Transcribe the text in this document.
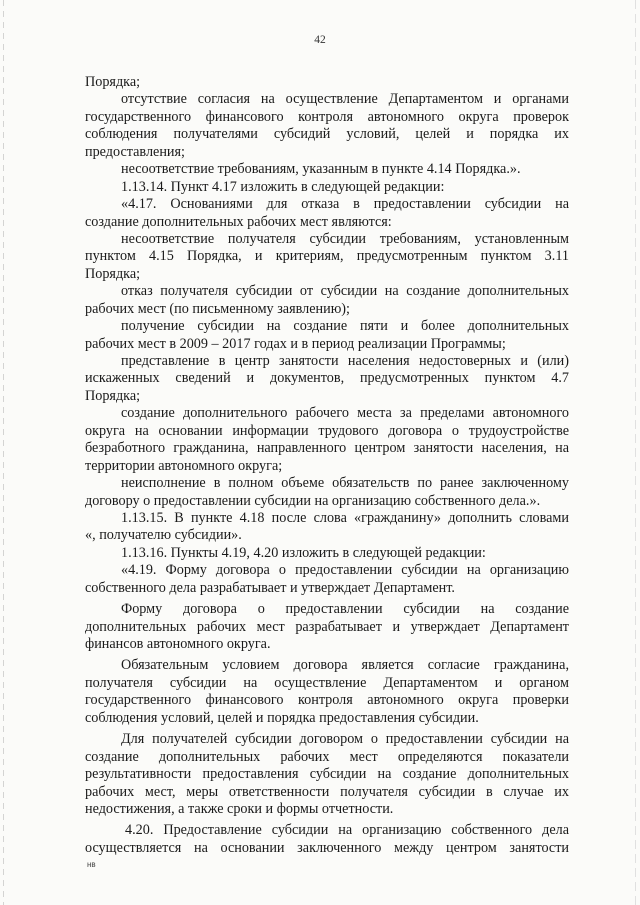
42
Порядка;
отсутствие согласия на осуществление Департаментом и органами
государственного финансового контроля автономного округа проверок
соблюдения получателями субсидий условий, целей и порядка их
предоставления;
несоответствие требованиям, указанным в пункте 4.14 Порядка.».
1.13.14. Пункт 4.17 изложить в следующей редакции:
«4.17. Основаниями для отказа в предоставлении субсидии на
создание дополнительных рабочих мест являются:
несоответствие получателя субсидии требованиям, установленным
пунктом 4.15 Порядка, и критериям, предусмотренным пунктом 3.11
Порядка;
отказ получателя субсидии от субсидии на создание дополнительных
рабочих мест (по письменному заявлению);
получение субсидии на создание пяти и более дополнительных
рабочих мест в 2009 – 2017 годах и в период реализации Программы;
представление в центр занятости населения недостоверных и (или)
искаженных сведений и документов, предусмотренных пунктом 4.7
Порядка;
создание дополнительного рабочего места за пределами автономного
округа на основании информации трудового договора о трудоустройстве
безработного гражданина, направленного центром занятости населения, на
территории автономного округа;
неисполнение в полном объеме обязательств по ранее заключенному
договору о предоставлении субсидии на организацию собственного дела.».
1.13.15. В пункте 4.18 после слова «гражданину» дополнить словами
«, получателю субсидии».
1.13.16. Пункты 4.19, 4.20 изложить в следующей редакции:
«4.19. Форму договора о предоставлении субсидии на организацию
собственного дела разрабатывает и утверждает Департамент.
Форму договора о предоставлении субсидии на создание
дополнительных рабочих мест разрабатывает и утверждает Департамент
финансов автономного округа.
Обязательным условием договора является согласие гражданина,
получателя субсидии на осуществление Департаментом и органом
государственного финансового контроля автономного округа проверки
соблюдения условий, целей и порядка предоставления субсидии.
Для получателей субсидии договором о предоставлении субсидии на
создание дополнительных рабочих мест определяются показатели
результативности предоставления субсидии на создание дополнительных
рабочих мест, меры ответственности получателя субсидии в случае их
недостижения, а также сроки и формы отчетности.
4.20. Предоставление субсидии на организацию собственного дела
осуществляется на основании заключенного между центром занятости
нв
